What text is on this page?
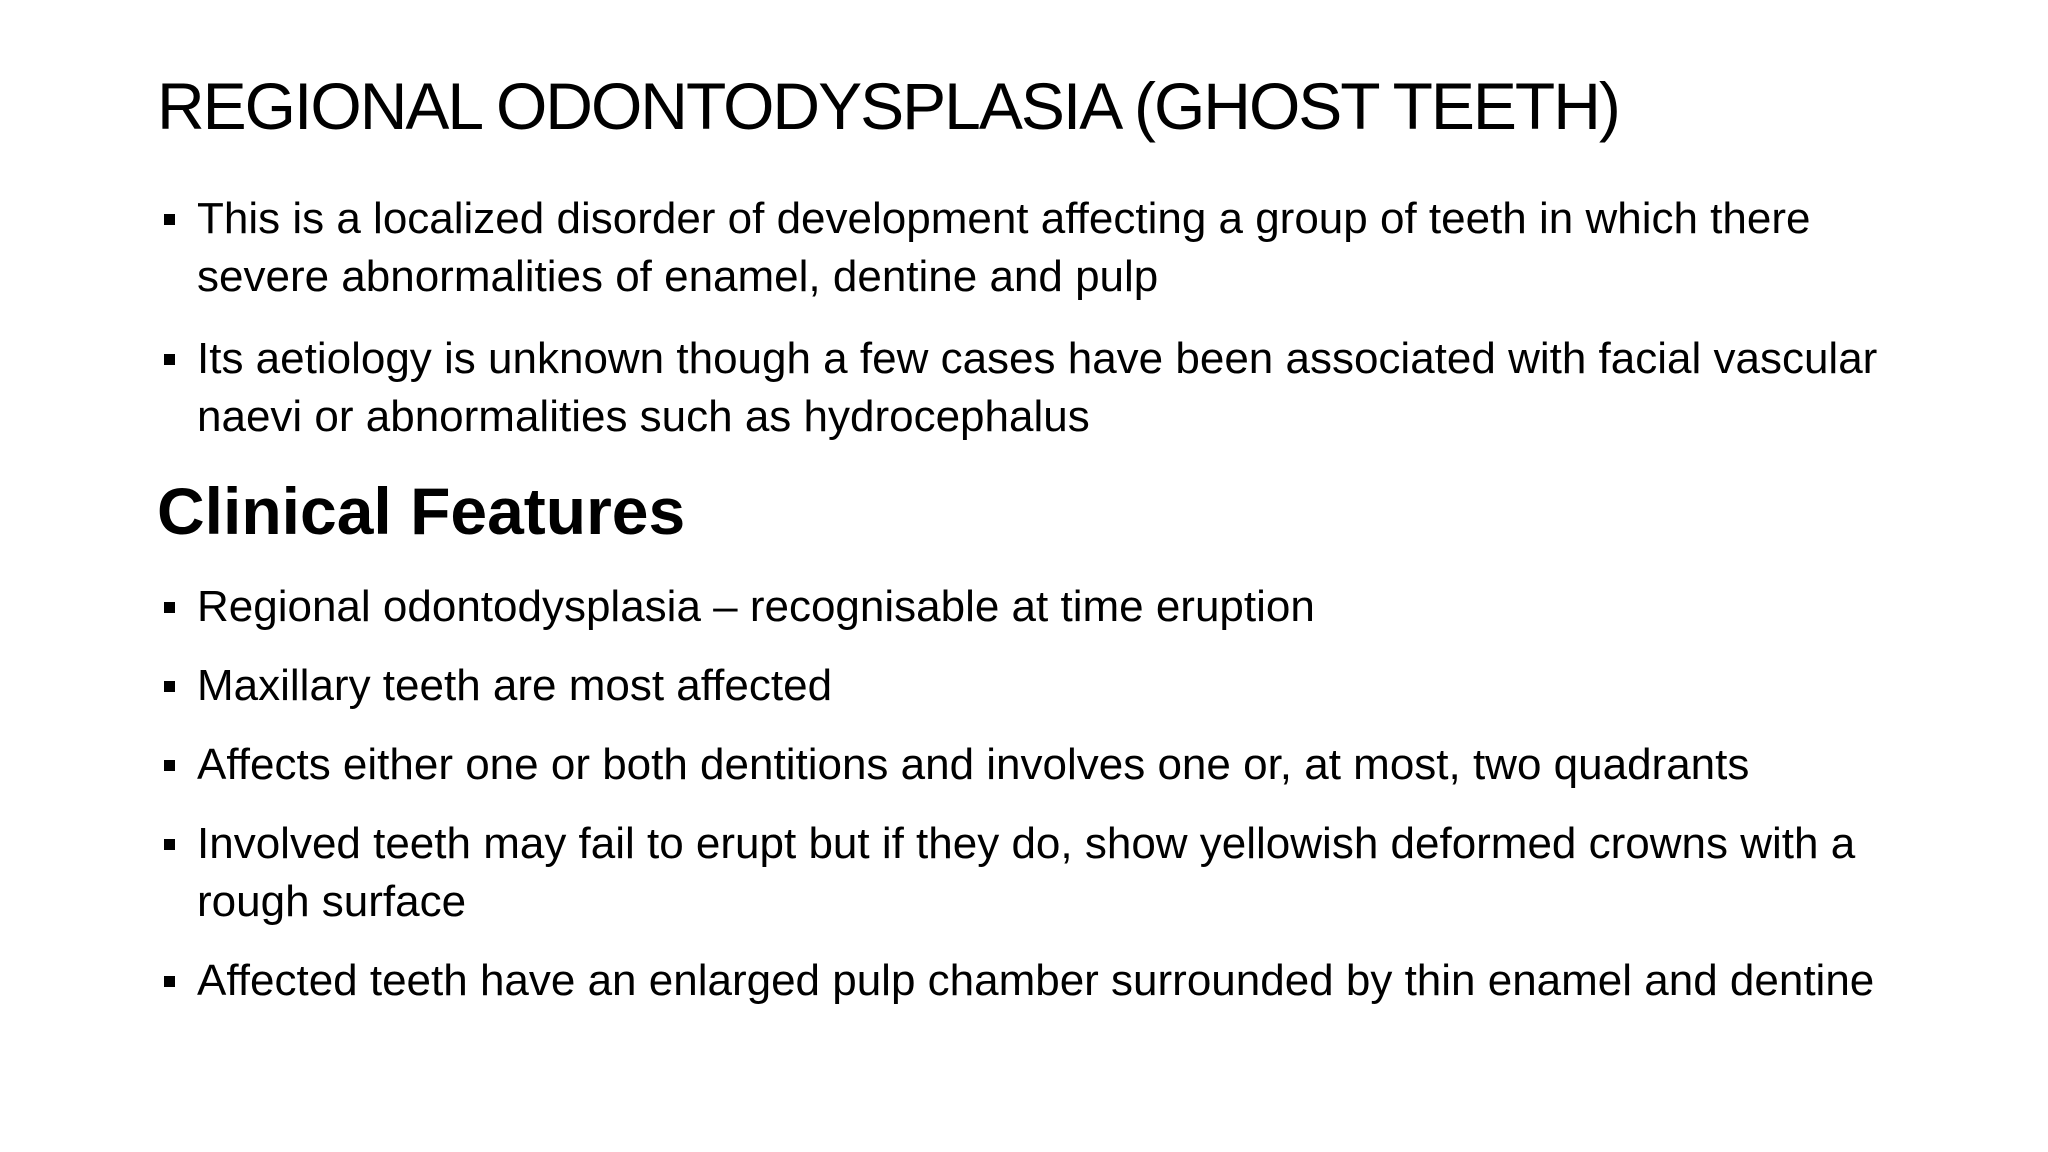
REGIONAL ODONTODYSPLASIA (GHOST TEETH)
This is a localized disorder of development affecting a group of teeth in which there severe abnormalities of enamel, dentine and pulp
Its aetiology is unknown though a few cases have been associated with facial vascular naevi or abnormalities such as hydrocephalus
Clinical Features
Regional odontodysplasia – recognisable at time eruption
Maxillary teeth are most affected
Affects either one or both dentitions and involves one or, at most, two quadrants
Involved teeth may fail to erupt but if they do, show yellowish deformed crowns with a rough surface
Affected teeth have an enlarged pulp chamber surrounded by thin enamel and dentine
